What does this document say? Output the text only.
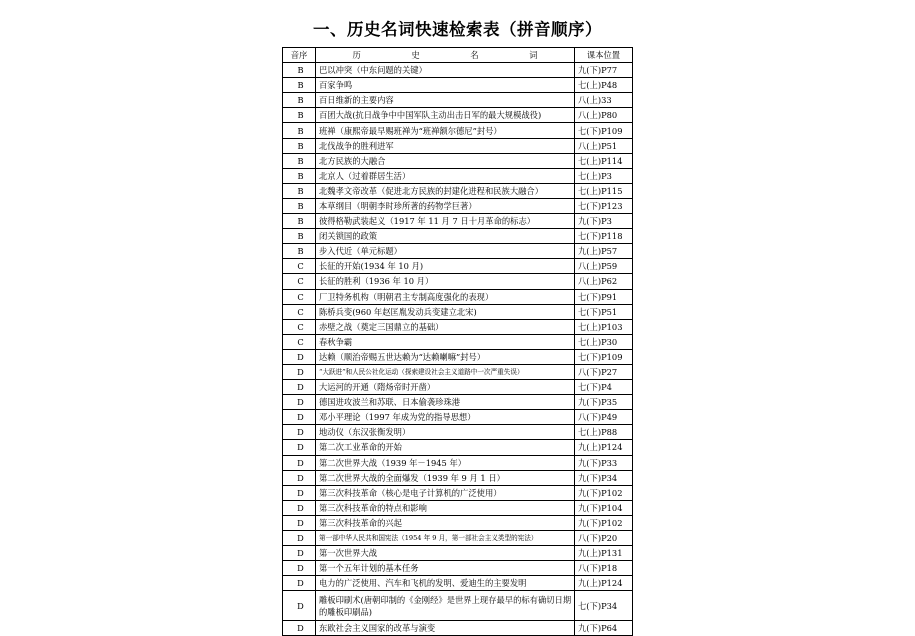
一、历史名词快速检索表（拼音顺序）
音序	历 史 名 词	课本位置
B	巴以冲突（中东问题的关键）	九(下)P77
B	百家争鸣	七(上)P48
B	百日维新的主要内容	八(上)33
B	百团大战(抗日战争中中国军队主动出击日军的最大规模战役)	八(上)P80
B	班禅（康熙帝最早赐班禅为“班禅额尔德尼”封号）	七(下)P109
B	北伐战争的胜利进军	八(上)P51
B	北方民族的大融合	七(上)P114
B	北京人（过着群居生活）	七(上)P3
B	北魏孝文帝改革（促进北方民族的封建化进程和民族大融合）	七(上)P115
B	本草纲目（明朝李时珍所著的药物学巨著）	七(下)P123
B	彼得格勒武装起义（1917 年 11 月 7 日十月革命的标志）	九(下)P3
B	闭关锁国的政策	七(下)P118
B	步入代近（单元标题）	九(上)P57
C	长征的开始(1934 年 10 月)	八(上)P59
C	长征的胜利（1936 年 10 月）	八(上)P62
C	厂卫特务机构（明朝君主专制高度强化的表现）	七(下)P91
C	陈桥兵变(960 年赵匡胤发动兵变建立北宋)	七(下)P51
C	赤壁之战（奠定三国鼎立的基础）	七(上)P103
C	春秋争霸	七(上)P30
D	达赖（顺治帝赐五世达赖为“达赖喇嘛”封号）	七(下)P109
D	“大跃进”和人民公社化运动（探索建设社会主义道路中一次严重失误）	八(下)P27
D	大运河的开通（隋炀帝时开凿）	七(下)P4
D	德国进攻波兰和苏联、日本偷袭珍珠港	九(下)P35
D	邓小平理论（1997 年成为党的指导思想）	八(下)P49
D	地动仪（东汉张衡发明）	七(上)P88
D	第二次工业革命的开始	九(上)P124
D	第二次世界大战（1939 年－1945 年）	九(下)P33
D	第二次世界大战的全面爆发（1939 年 9 月 1 日）	九(下)P34
D	第三次科技革命（核心是电子计算机的广泛使用）	九(下)P102
D	第三次科技革命的特点和影响	九(下)P104
D	第三次科技革命的兴起	九(下)P102
D	第一部中华人民共和国宪法（1954 年 9 月，第一部社会主义类型的宪法）	八(下)P20
D	第一次世界大战	九(上)P131
D	第一个五年计划的基本任务	八(下)P18
D	电力的广泛使用、汽车和飞机的发明、爱迪生的主要发明	九(上)P124
D	雕板印刷术(唐朝印制的《金刚经》是世界上现存最早的标有确切日期的雕板印刷品)	七(下)P34
D	东欧社会主义国家的改革与演变	九(下)P64
